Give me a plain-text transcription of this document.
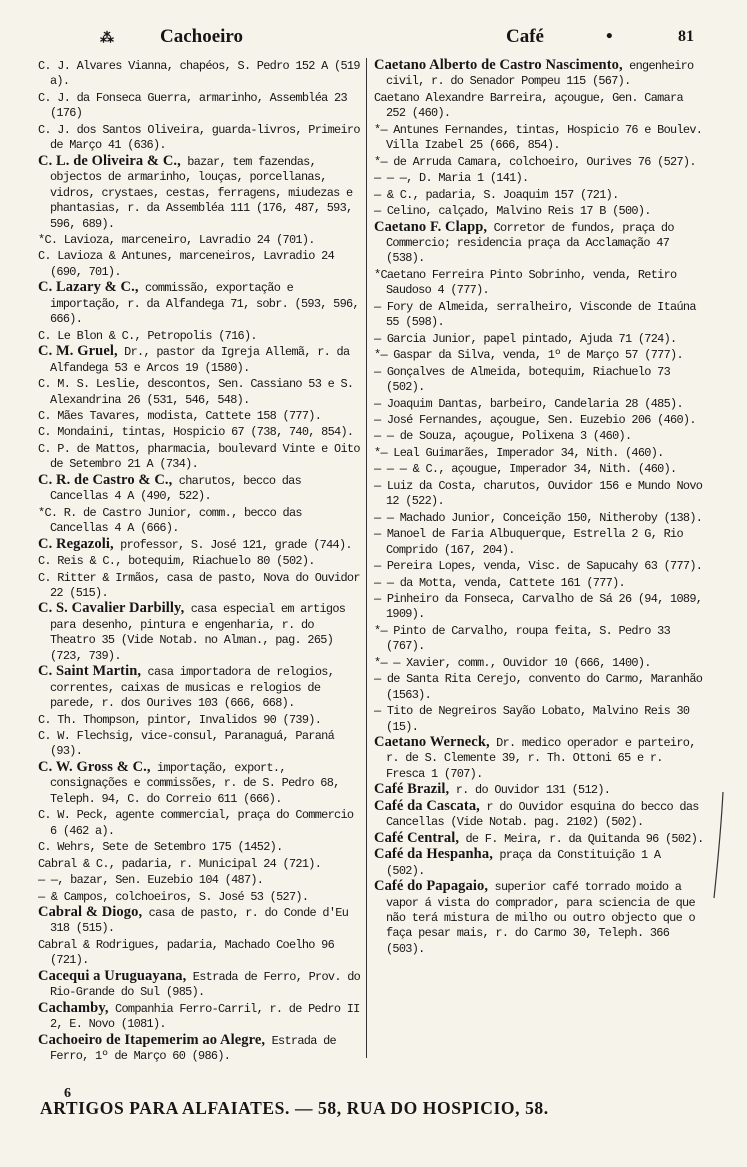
⁂ Cachoeiro	Café	•	81

C. J. Alvares Vianna, chapéos, S. Pedro 152 A (519 a).

C. J. da Fonseca Guerra, armarinho, Assembléa 23 (176)

C. J. dos Santos Oliveira, guarda-livros, Primeiro de Março 41 (636).

C. L. de Oliveira & C., bazar, tem fazendas, objectos de armarinho, louças, porcellanas, vidros, crystaes, cestas, ferragens, miudezas e phantasias, r. da Assembléa 111 (176, 487, 593, 596, 689).

*C. Lavioza, marceneiro, Lavradio 24 (701).

C. Lavioza & Antunes, marceneiros, Lavradio 24 (690, 701).

C. Lazary & C., commissão, exportação e importação, r. da Alfandega 71, sobr. (593, 596, 666).

C. Le Blon & C., Petropolis (716).

C. M. Gruel, Dr., pastor da Igreja Allemã, r. da Alfandega 53 e Arcos 19 (1580).

C. M. S. Leslie, descontos, Sen. Cassiano 53 e S. Alexandrina 26 (531, 546, 548).

C. Mães Tavares, modista, Cattete 158 (777).

C. Mondaini, tintas, Hospicio 67 (738, 740, 854).

C. P. de Mattos, pharmacia, boulevard Vinte e Oito de Setembro 21 A (734).

C. R. de Castro & C., charutos, becco das Cancellas 4 A (490, 522).

*C. R. de Castro Junior, comm., becco das Cancellas 4 A (666).

C. Regazoli, professor, S. José 121, grade (744).

C. Reis & C., botequim, Riachuelo 80 (502).

C. Ritter & Irmãos, casa de pasto, Nova do Ouvidor 22 (515).

C. S. Cavalier Darbilly, casa especial em artigos para desenho, pintura e engenharia, r. do Theatro 35 (Vide Notab. no Alman., pag. 265) (723, 739).

C. Saint Martin, casa importadora de relogios, correntes, caixas de musicas e relogios de parede, r. dos Ourives 103 (666, 668).

C. Th. Thompson, pintor, Invalidos 90 (739).

C. W. Flechsig, vice-consul, Paranaguá, Paraná (93).

C. W. Gross & C., importação, export., consignações e commissões, r. de S. Pedro 68, Teleph. 94, C. do Correio 611 (666).

C. W. Peck, agente commercial, praça do Commercio 6 (462 a).

C. Wehrs, Sete de Setembro 175 (1452).

Cabral & C., padaria, r. Municipal 24 (721).

— —, bazar, Sen. Euzebio 104 (487).

— & Campos, colchoeiros, S. José 53 (527).

Cabral & Diogo, casa de pasto, r. do Conde d'Eu 318 (515).

Cabral & Rodrigues, padaria, Machado Coelho 96 (721).

Cacequi a Uruguayana, Estrada de Ferro, Prov. do Rio-Grande do Sul (985).

Cachamby, Companhia Ferro-Carril, r. de Pedro II 2, E. Novo (1081).

Cachoeiro de Itapemerim ao Alegre, Estrada de Ferro, 1º de Março 60 (986).

Caetano Alberto de Castro Nascimento, engenheiro civil, r. do Senador Pompeu 115 (567).

Caetano Alexandre Barreira, açougue, Gen. Camara 252 (460).

*— Antunes Fernandes, tintas, Hospicio 76 e Boulev. Villa Izabel 25 (666, 854).

*— de Arruda Camara, colchoeiro, Ourives 76 (527).

— — —, D. Maria 1 (141).

— & C., padaria, S. Joaquim 157 (721).

— Celino, calçado, Malvino Reis 17 B (500).

Caetano F. Clapp, Corretor de fundos, praça do Commercio; residencia praça da Acclamação 47 (538).

*Caetano Ferreira Pinto Sobrinho, venda, Retiro Saudoso 4 (777).

— Fory de Almeida, serralheiro, Visconde de Itaúna 55 (598).

— Garcia Junior, papel pintado, Ajuda 71 (724).

*— Gaspar da Silva, venda, 1º de Março 57 (777).

— Gonçalves de Almeida, botequim, Riachuelo 73 (502).

— Joaquim Dantas, barbeiro, Candelaria 28 (485).

— José Fernandes, açougue, Sen. Euzebio 206 (460).

— — de Souza, açougue, Polixena 3 (460).

*— Leal Guimarães, Imperador 34, Nith. (460).

— — — & C., açougue, Imperador 34, Nith. (460).

— Luiz da Costa, charutos, Ouvidor 156 e Mundo Novo 12 (522).

— — Machado Junior, Conceição 150, Nitheroby (138).

— Manoel de Faria Albuquerque, Estrella 2 G, Rio Comprido (167, 204).

— Pereira Lopes, venda, Visc. de Sapucahy 63 (777).

— — da Motta, venda, Cattete 161 (777).

— Pinheiro da Fonseca, Carvalho de Sá 26 (94, 1089, 1909).

*— Pinto de Carvalho, roupa feita, S. Pedro 33 (767).

*— — Xavier, comm., Ouvidor 10 (666, 1400).

— de Santa Rita Cerejo, convento do Carmo, Maranhão (1563).

— Tito de Negreiros Sayão Lobato, Malvino Reis 30 (15).

Caetano Werneck, Dr. medico operador e parteiro, r. de S. Clemente 39, r. Th. Ottoni 65 e r. Fresca 1 (707).

Café Brazil, r. do Ouvidor 131 (512).

Café da Cascata, r do Ouvidor esquina do becco das Cancellas (Vide Notab. pag. 2102) (502).

Café Central, de F. Meira, r. da Quitanda 96 (502).

Café da Hespanha, praça da Constituição 1 A (502).

Café do Papagaio, superior café torrado moido a vapor á vista do comprador, para sciencia de que não terá mistura de milho ou outro objecto que o faça pesar mais, r. do Carmo 30, Teleph. 366 (503).

6
ARTIGOS PARA ALFAIATES. — 58, RUA DO HOSPICIO, 58.
